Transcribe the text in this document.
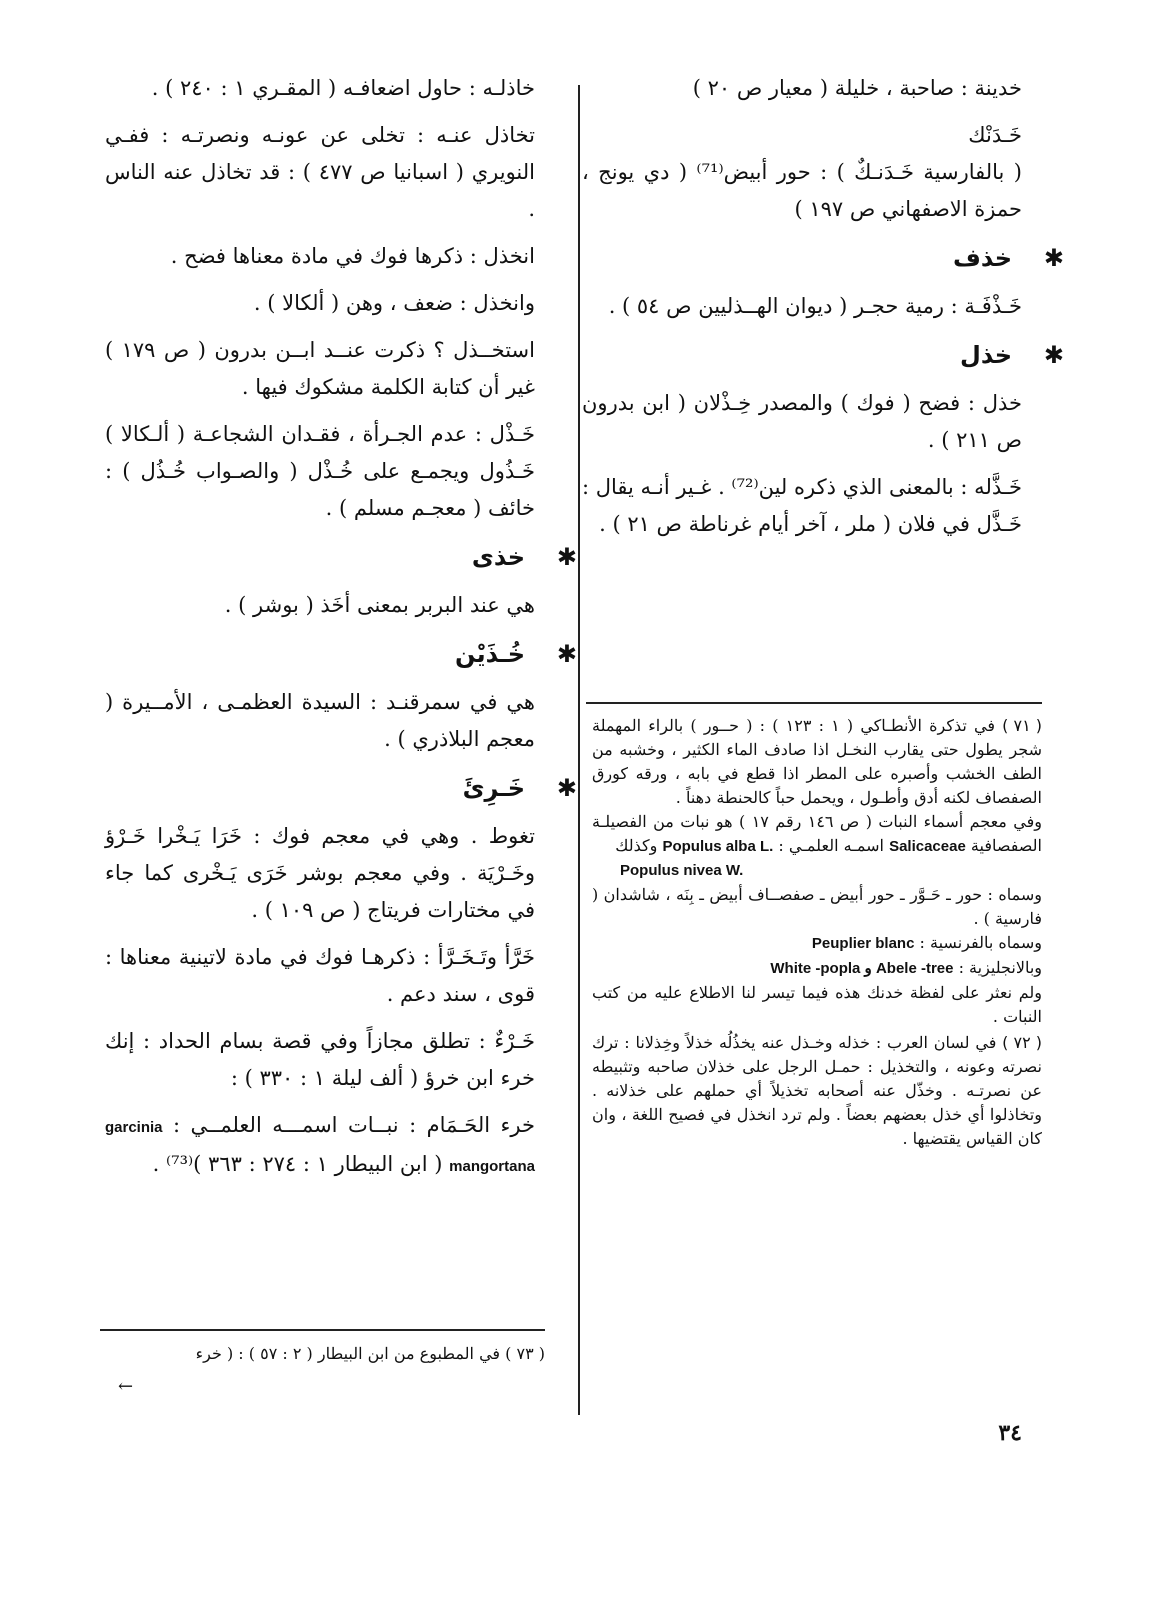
خدينة : صاحبة ، خليلة ( معيار ص ٢٠ )

خَـدَنْك

( بالفارسية خَـدَنـكٌ ) : حور أبيض⁽⁷¹⁾ ( دي يونج ، حمزة الاصفهاني ص ١٩٧ )

✱خذف

خَـذْفَـة : رمية حجـر ( ديوان الهــذليين ص ٥٤ ) .

✱خذل

خذل : فضح ( فوك ) والمصدر خِـذْلان ( ابن بدرون ص ٢١١ ) .

خَـذَّله : بالمعنى الذي ذكره لين⁽⁷²⁾ . غـير أنـه يقال : خَـذَّل في فلان ( ملر ، آخر أيام غرناطة ص ٢١ ) .

( ٧١ ) في تذكرة الأنطـاكي ( ١ : ١٢٣ ) : ( حــور ) بالراء المهملة شجر يطول حتى يقارب النخـل اذا صادف الماء الكثير ، وخشبه من الطف الخشب وأصبره على المطر اذا قطع في بابه ، ورقه كورق الصفصاف لكنه أدق وأطـول ، ويحمل حباً كالحنطة دهناً .

وفي معجم أسماء النبات ( ص ١٤٦ رقم ١٧ ) هو نبات من الفصيلـة الصفصافية Salicaceae اسمـه العلمـي : Populus alba L. وكذلك

Populus nivea W.

وسماه : حور ـ حَـوَّر ـ حور أبيض ـ صفصــاف أبيض ـ بِنَه ، شاشدان ( فارسية ) .

وسماه بالفرنسية : Peuplier blanc

وبالانجليزية : White -popla و Abele -tree

ولم نعثر على لفظة خدنك هذه فيما تيسر لنا الاطلاع عليه من كتب النبات .

( ٧٢ ) في لسان العرب : خذله وخـذل عنه يخذُلُه خذلاً وخِذلانا : ترك نصرته وعونه ، والتخذيل : حمـل الرجل على خذلان صاحبه وتثبيطه عن نصرتـه . وخذّل عنه أصحابه تخذيلاً أي حملهم على خذلانه . وتخاذلوا أي خذل بعضهم بعضاً . ولم ترد انخذل في فصيح اللغة ، وان كان القياس يقتضيها .

خاذلـه : حاول اضعافـه ( المقـري ١ : ٢٤٠ ) .

تخاذل عنـه : تخلى عن عونـه ونصرتـه : ففـي النويري ( اسبانيا ص ٤٧٧ ) : قد تخاذل عنه الناس .

انخذل : ذكرها فوك في مادة معناها فضح .

وانخذل : ضعف ، وهن ( ألكالا ) .

استخــذل ؟ ذكرت عنــد ابــن بدرون ( ص ١٧٩ ) غير أن كتابة الكلمة مشكوك فيها .

خَـذْل : عدم الجـرأة ، فقـدان الشجاعـة ( ألـكالا ) خَـذُول ويجمـع على خُـذْل ( والصـواب خُـذُل ) : خائف ( معجـم مسلم ) .

✱خذى

هي عند البربر بمعنى أخَذ ( بوشر ) .

✱خُـذَيْن

هي في سمرقنـد : السيدة العظمـى ، الأمــيرة ( معجم البلاذري ) .

✱خَـرِئَ

تغوط . وهي في معجم فوك : خَرَا يَـخْرا خَـرْؤ وخَـرْيَة . وفي معجم بوشر خَرَى يَـخْرى كما جاء في مختارات فريتاج ( ص ١٠٩ ) .

خَرَّأ وتَـخَـرَّأ : ذكرهـا فوك في مادة لاتينية معناها : قوى ، سند دعم .

خَـرْءٌ : تطلق مجازاً وفي قصة بسام الحداد : إنك خرء ابن خرؤ ( ألف ليلة ١ : ٣٣٠ ) :

خرء الحَـمَام : نبــات اسمـــه العلمــي : garcinia mangortana ( ابن البيطار ١ : ٢٧٤ : ٣٦٣ )⁽⁷³⁾ .

( ٧٣ ) في المطبوع من ابن البيطار ( ٢ : ٥٧ ) : ( خرء

←
٣٤
